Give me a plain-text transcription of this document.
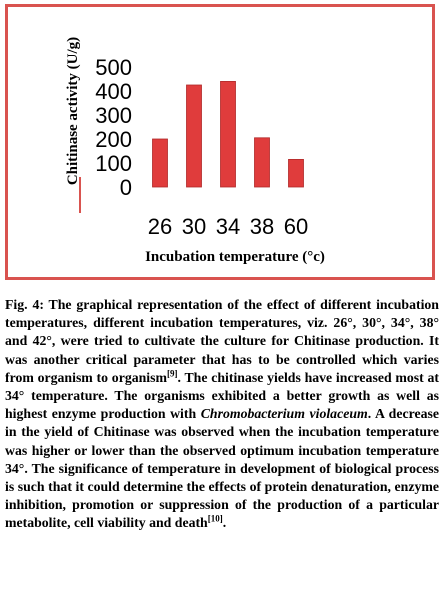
0
100
200
300
400
500
26 30 34 38 60
Chitinase activity (U/g)
Incubation temperature (°c)

Fig. 4: The graphical representation of the effect of different incubation temperatures, different incubation temperatures, viz. 26°, 30°, 34°, 38° and 42°, were tried to cultivate the culture for Chitinase production. It was another critical parameter that has to be controlled which varies from organism to organism[9]. The chitinase yields have increased most at 34° temperature. The organisms exhibited a better growth as well as highest enzyme production with Chromobacterium violaceum. A decrease in the yield of Chitinase was observed when the incubation temperature was higher or lower than the observed optimum incubation temperature 34°. The significance of temperature in development of biological process is such that it could determine the effects of protein denaturation, enzyme inhibition, promotion or suppression of the production of a particular metabolite, cell viability and death[10].
